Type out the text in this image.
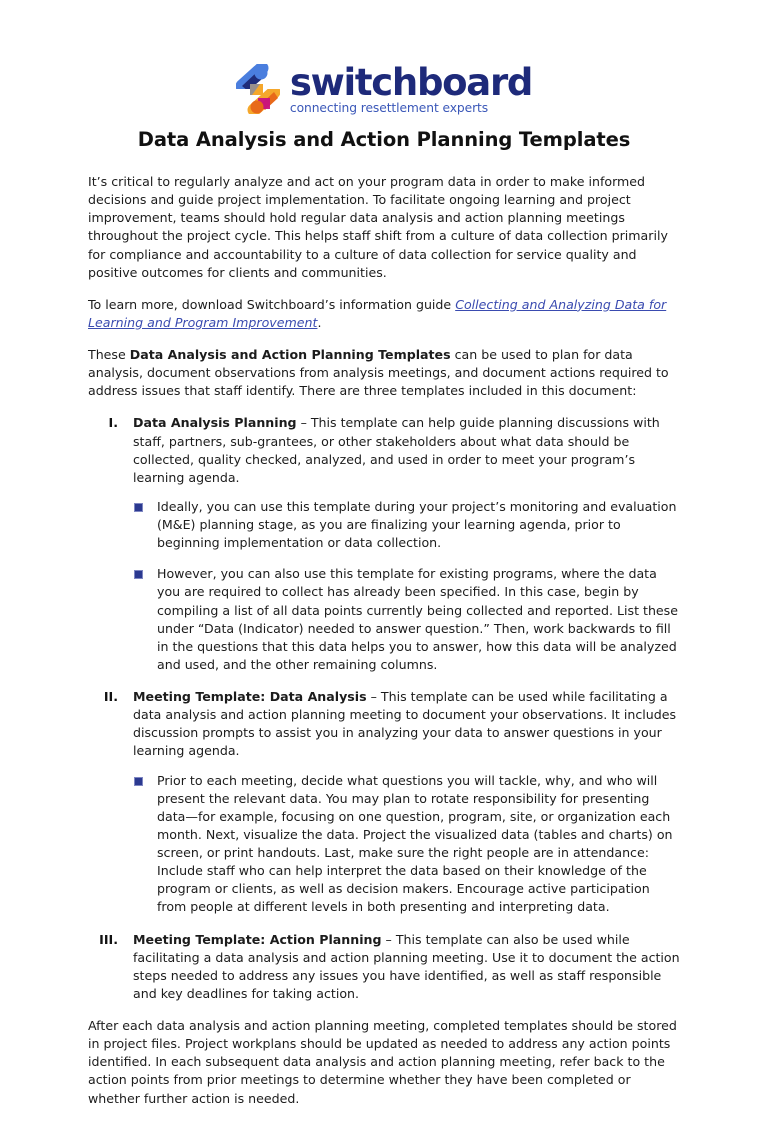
switchboard
connecting resettlement experts
Data Analysis and Action Planning Templates

It’s critical to regularly analyze and act on your program data in order to make informed decisions and guide project implementation. To facilitate ongoing learning and project improvement, teams should hold regular data analysis and action planning meetings throughout the project cycle. This helps staff shift from a culture of data collection primarily for compliance and accountability to a culture of data collection for service quality and positive outcomes for clients and communities.

To learn more, download Switchboard’s information guide Collecting and Analyzing Data for Learning and Program Improvement.

These Data Analysis and Action Planning Templates can be used to plan for data analysis, document observations from analysis meetings, and document actions required to address issues that staff identify. There are three templates included in this document:

I. Data Analysis Planning – This template can help guide planning discussions with staff, partners, sub-grantees, or other stakeholders about what data should be collected, quality checked, analyzed, and used in order to meet your program’s learning agenda.
Ideally, you can use this template during your project’s monitoring and evaluation (M&E) planning stage, as you are finalizing your learning agenda, prior to beginning implementation or data collection.
However, you can also use this template for existing programs, where the data you are required to collect has already been specified. In this case, begin by compiling a list of all data points currently being collected and reported. List these under “Data (Indicator) needed to answer question.” Then, work backwards to fill in the questions that this data helps you to answer, how this data will be analyzed and used, and the other remaining columns.
II. Meeting Template: Data Analysis – This template can be used while facilitating a data analysis and action planning meeting to document your observations. It includes discussion prompts to assist you in analyzing your data to answer questions in your learning agenda.
Prior to each meeting, decide what questions you will tackle, why, and who will present the relevant data. You may plan to rotate responsibility for presenting data—for example, focusing on one question, program, site, or organization each month. Next, visualize the data. Project the visualized data (tables and charts) on screen, or print handouts. Last, make sure the right people are in attendance: Include staff who can help interpret the data based on their knowledge of the program or clients, as well as decision makers. Encourage active participation from people at different levels in both presenting and interpreting data.
III. Meeting Template: Action Planning – This template can also be used while facilitating a data analysis and action planning meeting. Use it to document the action steps needed to address any issues you have identified, as well as staff responsible and key deadlines for taking action.

After each data analysis and action planning meeting, completed templates should be stored in project files. Project workplans should be updated as needed to address any action points identified. In each subsequent data analysis and action planning meeting, refer back to the action points from prior meetings to determine whether they have been completed or whether further action is needed.
